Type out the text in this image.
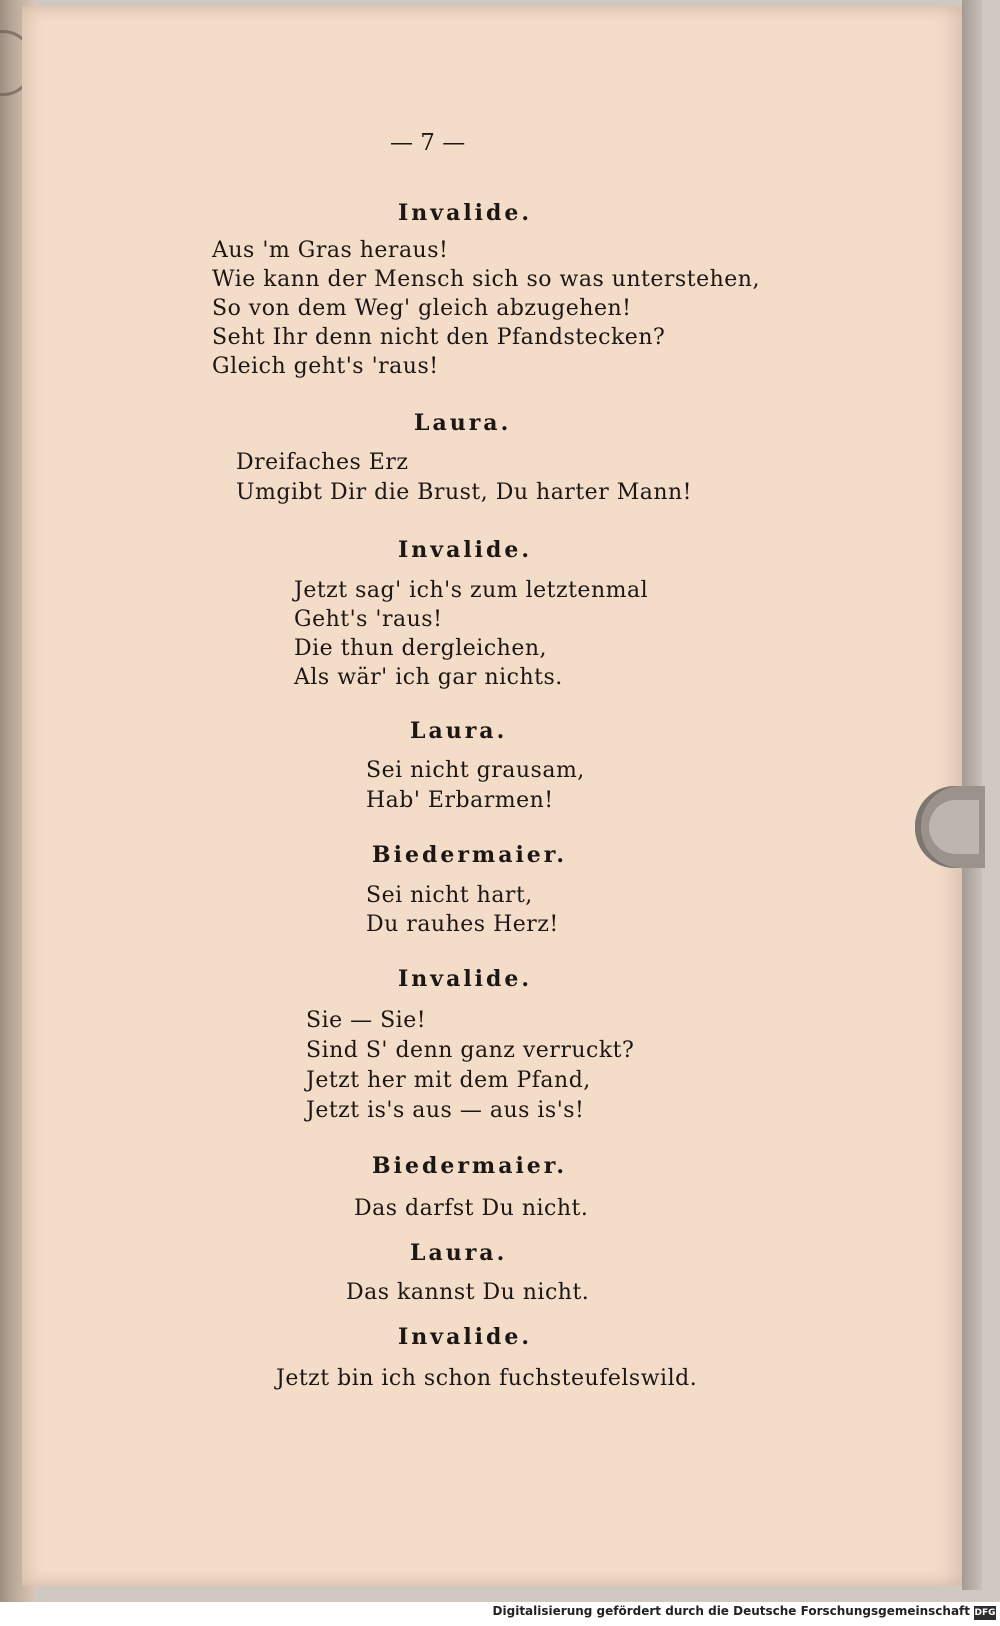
— 7 —
Invalide.
Aus 'm Gras heraus!
Wie kann der Mensch sich so was unterstehen,
So von dem Weg' gleich abzugehen!
Seht Ihr denn nicht den Pfandstecken?
Gleich geht's 'raus!
Laura.
Dreifaches Erz
Umgibt Dir die Brust, Du harter Mann!
Invalide.
Jetzt sag' ich's zum letztenmal
Geht's 'raus!
Die thun dergleichen,
Als wär' ich gar nichts.
Laura.
Sei nicht grausam,
Hab' Erbarmen!
Biedermaier.
Sei nicht hart,
Du rauhes Herz!
Invalide.
Sie — Sie!
Sind S' denn ganz verruckt?
Jetzt her mit dem Pfand,
Jetzt is's aus — aus is's!
Biedermaier.
Das darfst Du nicht.
Laura.
Das kannst Du nicht.
Invalide.
Jetzt bin ich schon fuchsteufelswild.
Digitalisierung gefördert durch die Deutsche Forschungsgemeinschaft DFG
